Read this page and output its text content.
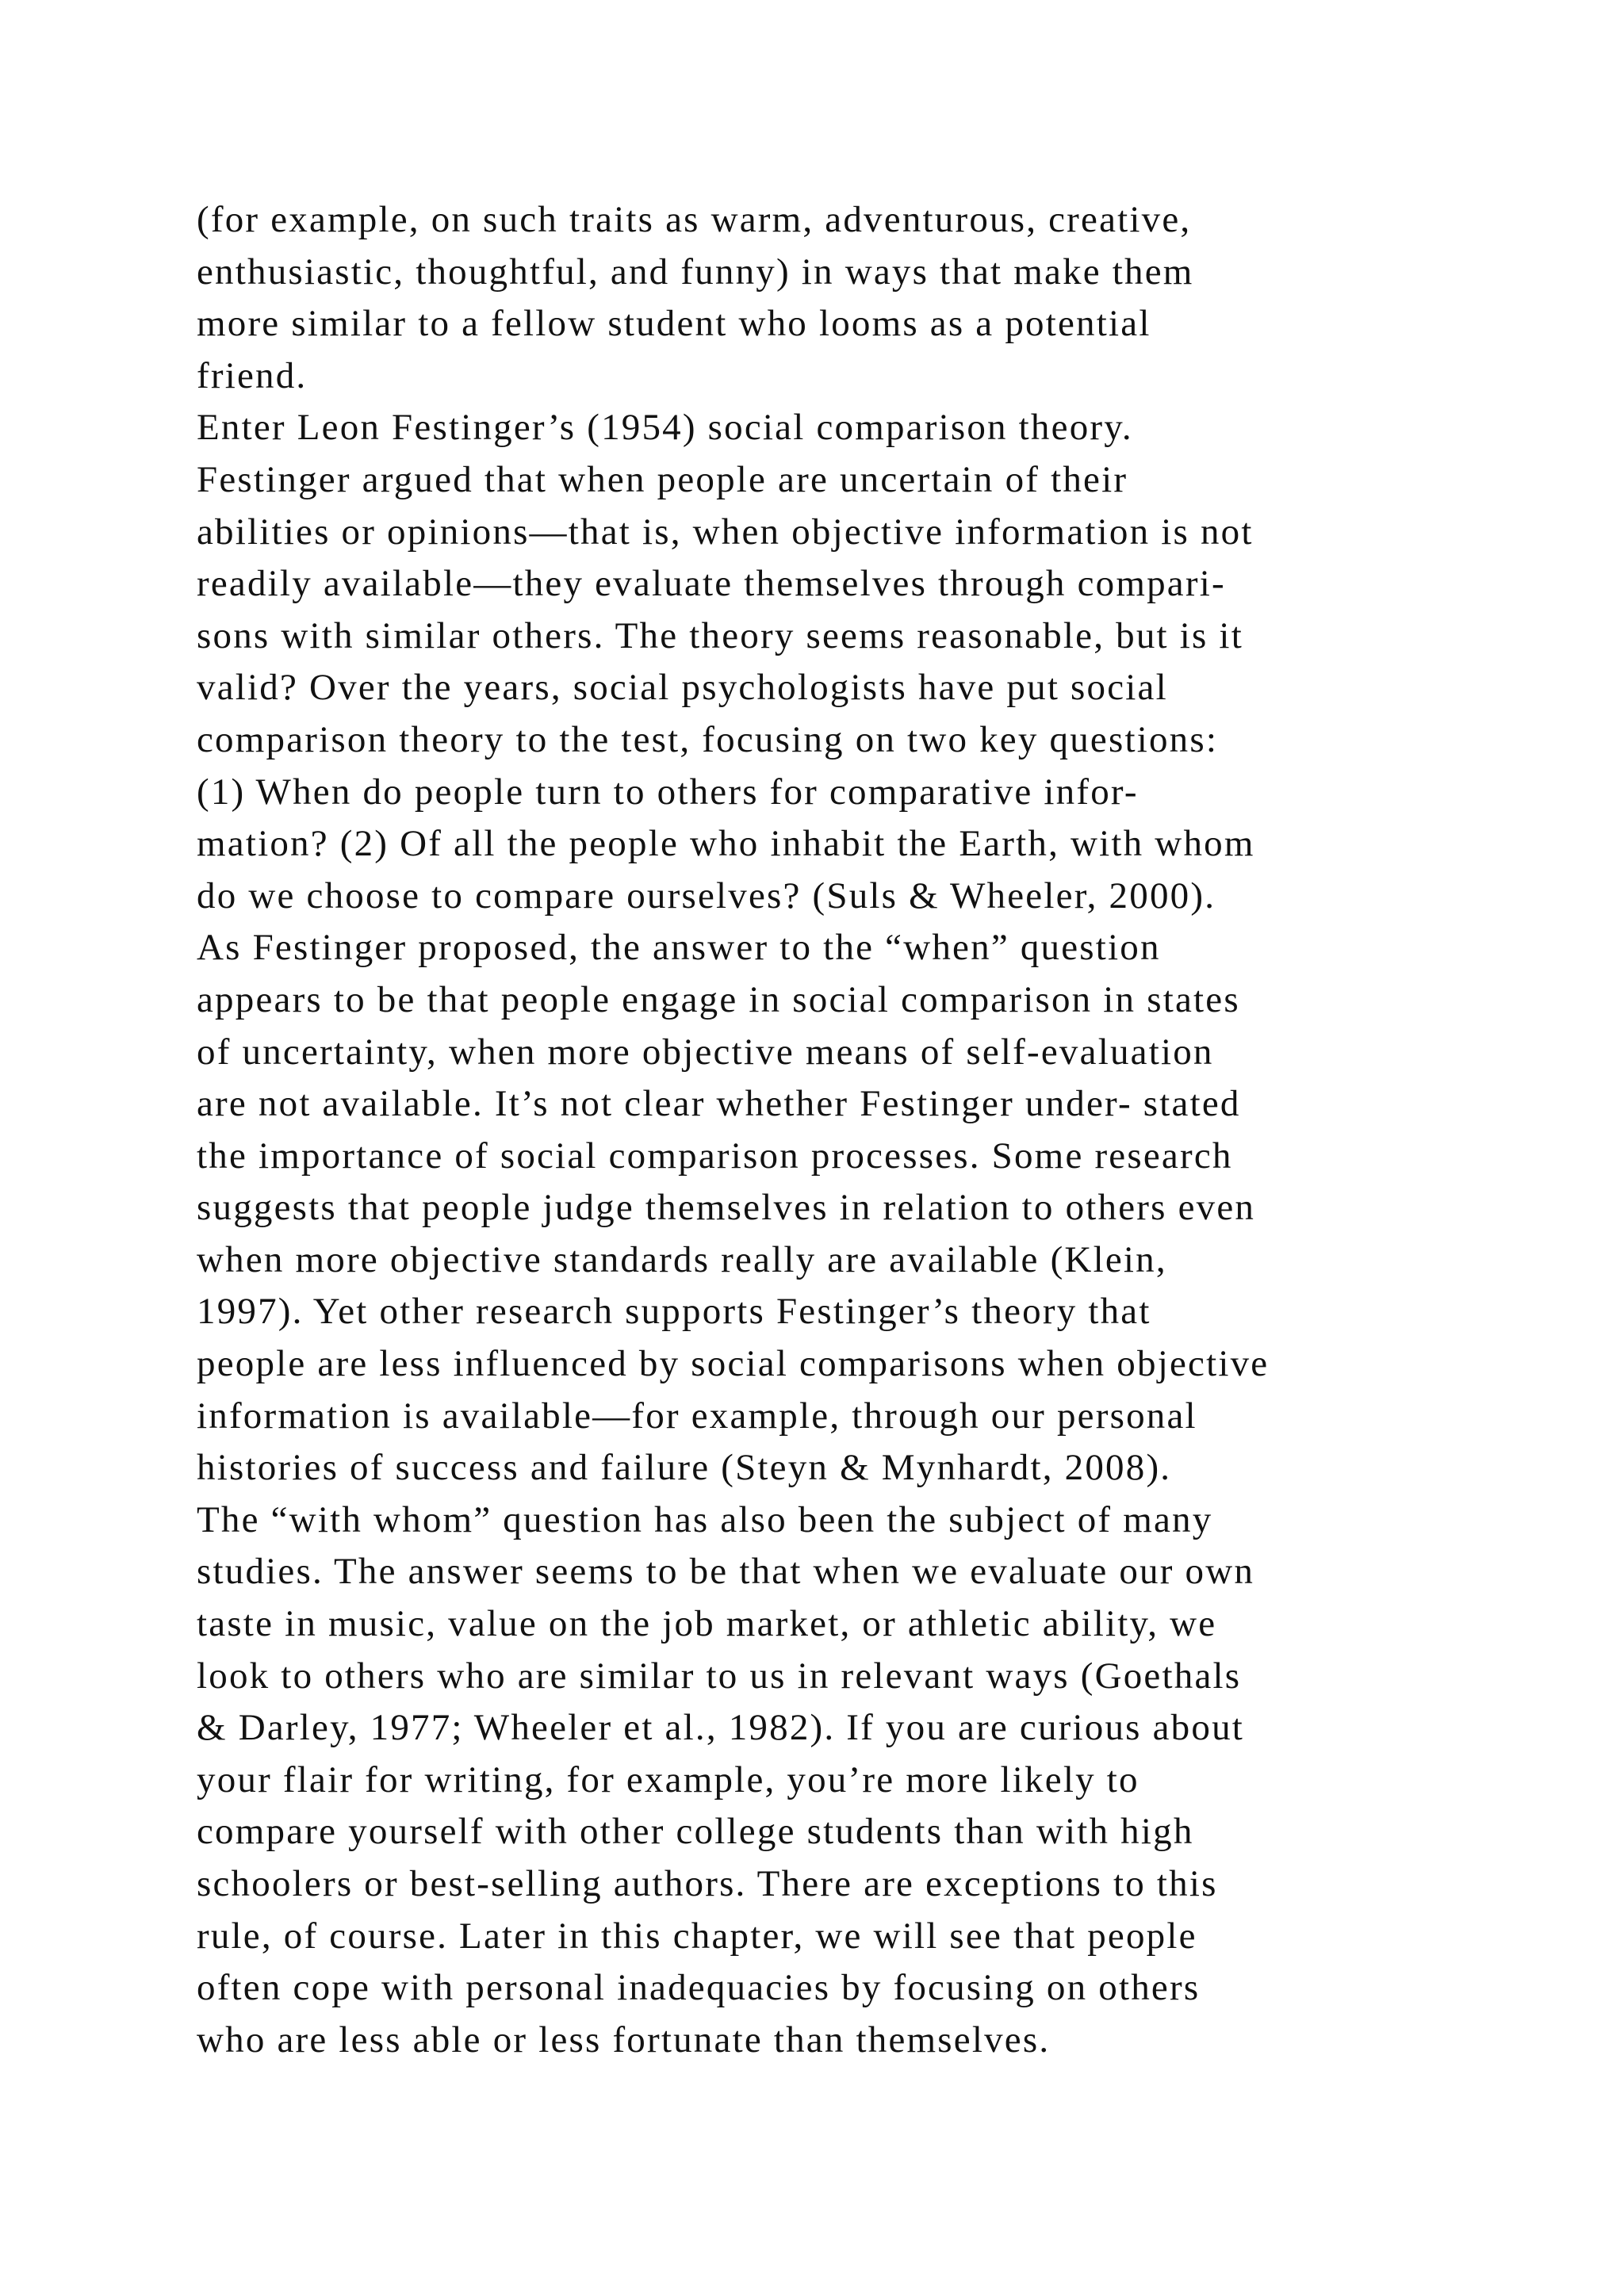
(for example, on such traits as warm, adventurous, creative,
enthusiastic, thoughtful, and funny) in ways that make them
more similar to a fellow student who looms as a potential
friend.
Enter Leon Festinger’s (1954) social comparison theory.
Festinger argued that when people are uncertain of their
abilities or opinions—that is, when objective information is not
readily available—they evaluate themselves through compari-
sons with similar others. The theory seems reasonable, but is it
valid? Over the years, social psychologists have put social
comparison theory to the test, focusing on two key questions:
(1) When do people turn to others for comparative infor-
mation? (2) Of all the people who inhabit the Earth, with whom
do we choose to compare ourselves? (Suls & Wheeler, 2000).
As Festinger proposed, the answer to the “when” question
appears to be that people engage in social comparison in states
of uncertainty, when more objective means of self-evaluation
are not available. It’s not clear whether Festinger under- stated
the importance of social comparison processes. Some research
suggests that people judge themselves in relation to others even
when more objective standards really are available (Klein,
1997). Yet other research supports Festinger’s theory that
people are less influenced by social comparisons when objective
information is available—for example, through our personal
histories of success and failure (Steyn & Mynhardt, 2008).
The “with whom” question has also been the subject of many
studies. The answer seems to be that when we evaluate our own
taste in music, value on the job market, or athletic ability, we
look to others who are similar to us in relevant ways (Goethals
& Darley, 1977; Wheeler et al., 1982). If you are curious about
your flair for writing, for example, you’re more likely to
compare yourself with other college students than with high
schoolers or best-selling authors. There are exceptions to this
rule, of course. Later in this chapter, we will see that people
often cope with personal inadequacies by focusing on others
who are less able or less fortunate than themselves.
